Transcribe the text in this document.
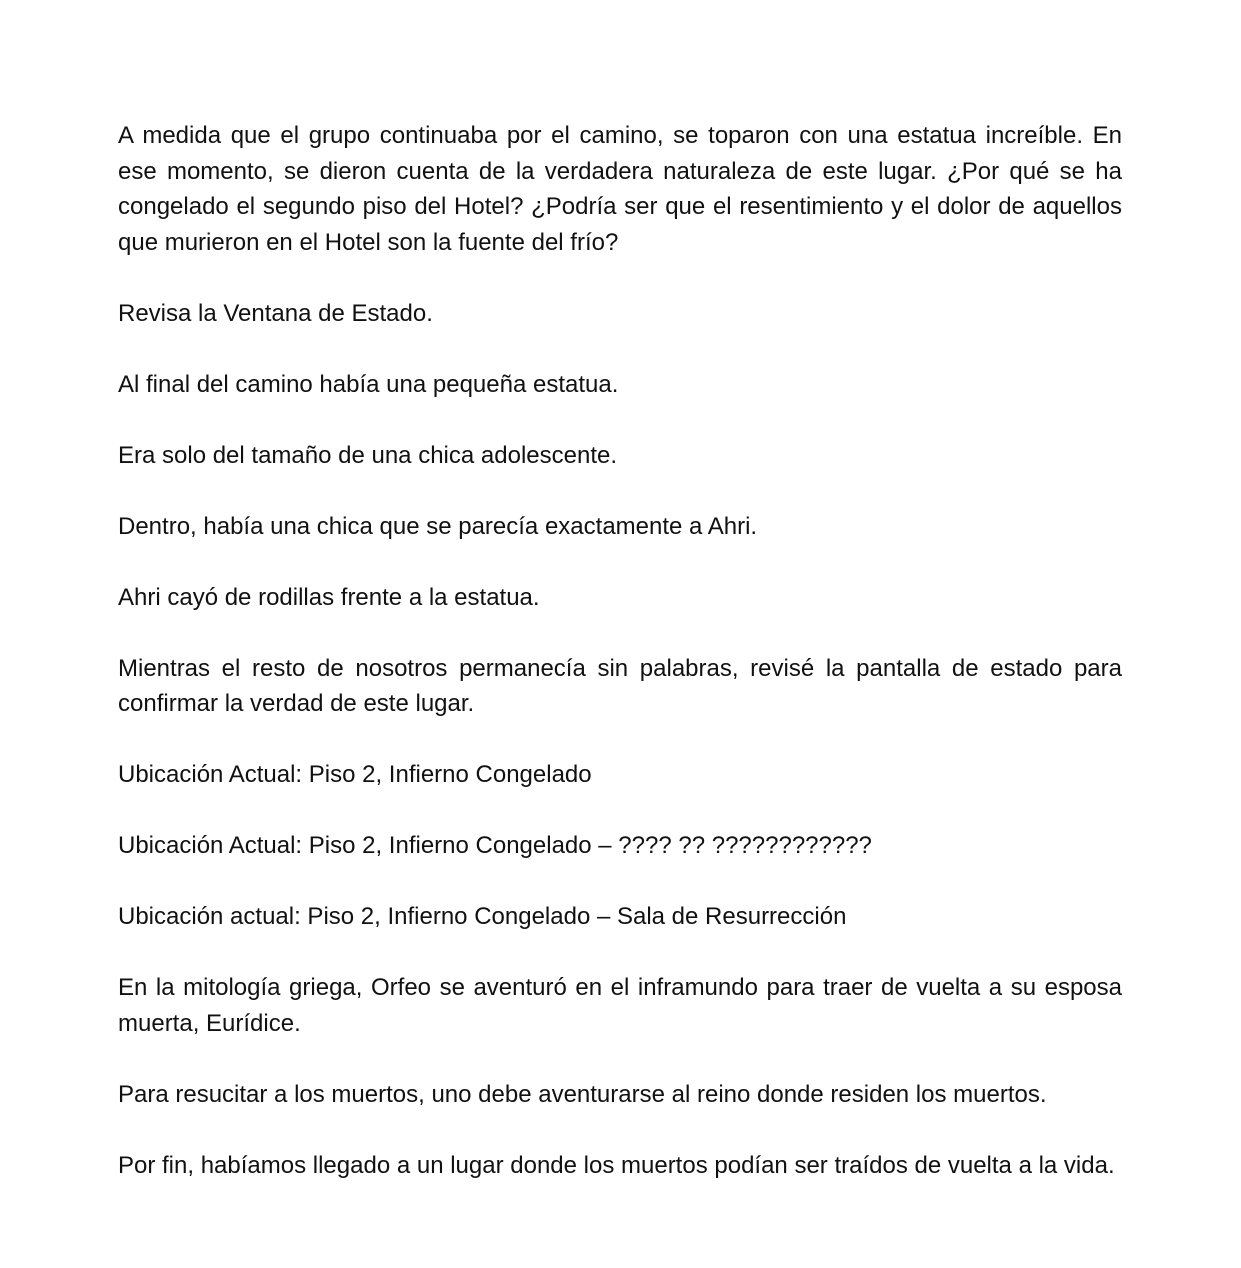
A medida que el grupo continuaba por el camino, se toparon con una estatua increíble. En ese momento, se dieron cuenta de la verdadera naturaleza de este lugar. ¿Por qué se ha congelado el segundo piso del Hotel? ¿Podría ser que el resentimiento y el dolor de aquellos que murieron en el Hotel son la fuente del frío?

Revisa la Ventana de Estado.

Al final del camino había una pequeña estatua.

Era solo del tamaño de una chica adolescente.

Dentro, había una chica que se parecía exactamente a Ahri.

Ahri cayó de rodillas frente a la estatua.

Mientras el resto de nosotros permanecía sin palabras, revisé la pantalla de estado para confirmar la verdad de este lugar.

Ubicación Actual: Piso 2, Infierno Congelado

Ubicación Actual: Piso 2, Infierno Congelado – ???? ?? ????????????

Ubicación actual: Piso 2, Infierno Congelado – Sala de Resurrección

En la mitología griega, Orfeo se aventuró en el inframundo para traer de vuelta a su esposa muerta, Eurídice.

Para resucitar a los muertos, uno debe aventurarse al reino donde residen los muertos.

Por fin, habíamos llegado a un lugar donde los muertos podían ser traídos de vuelta a la vida.
